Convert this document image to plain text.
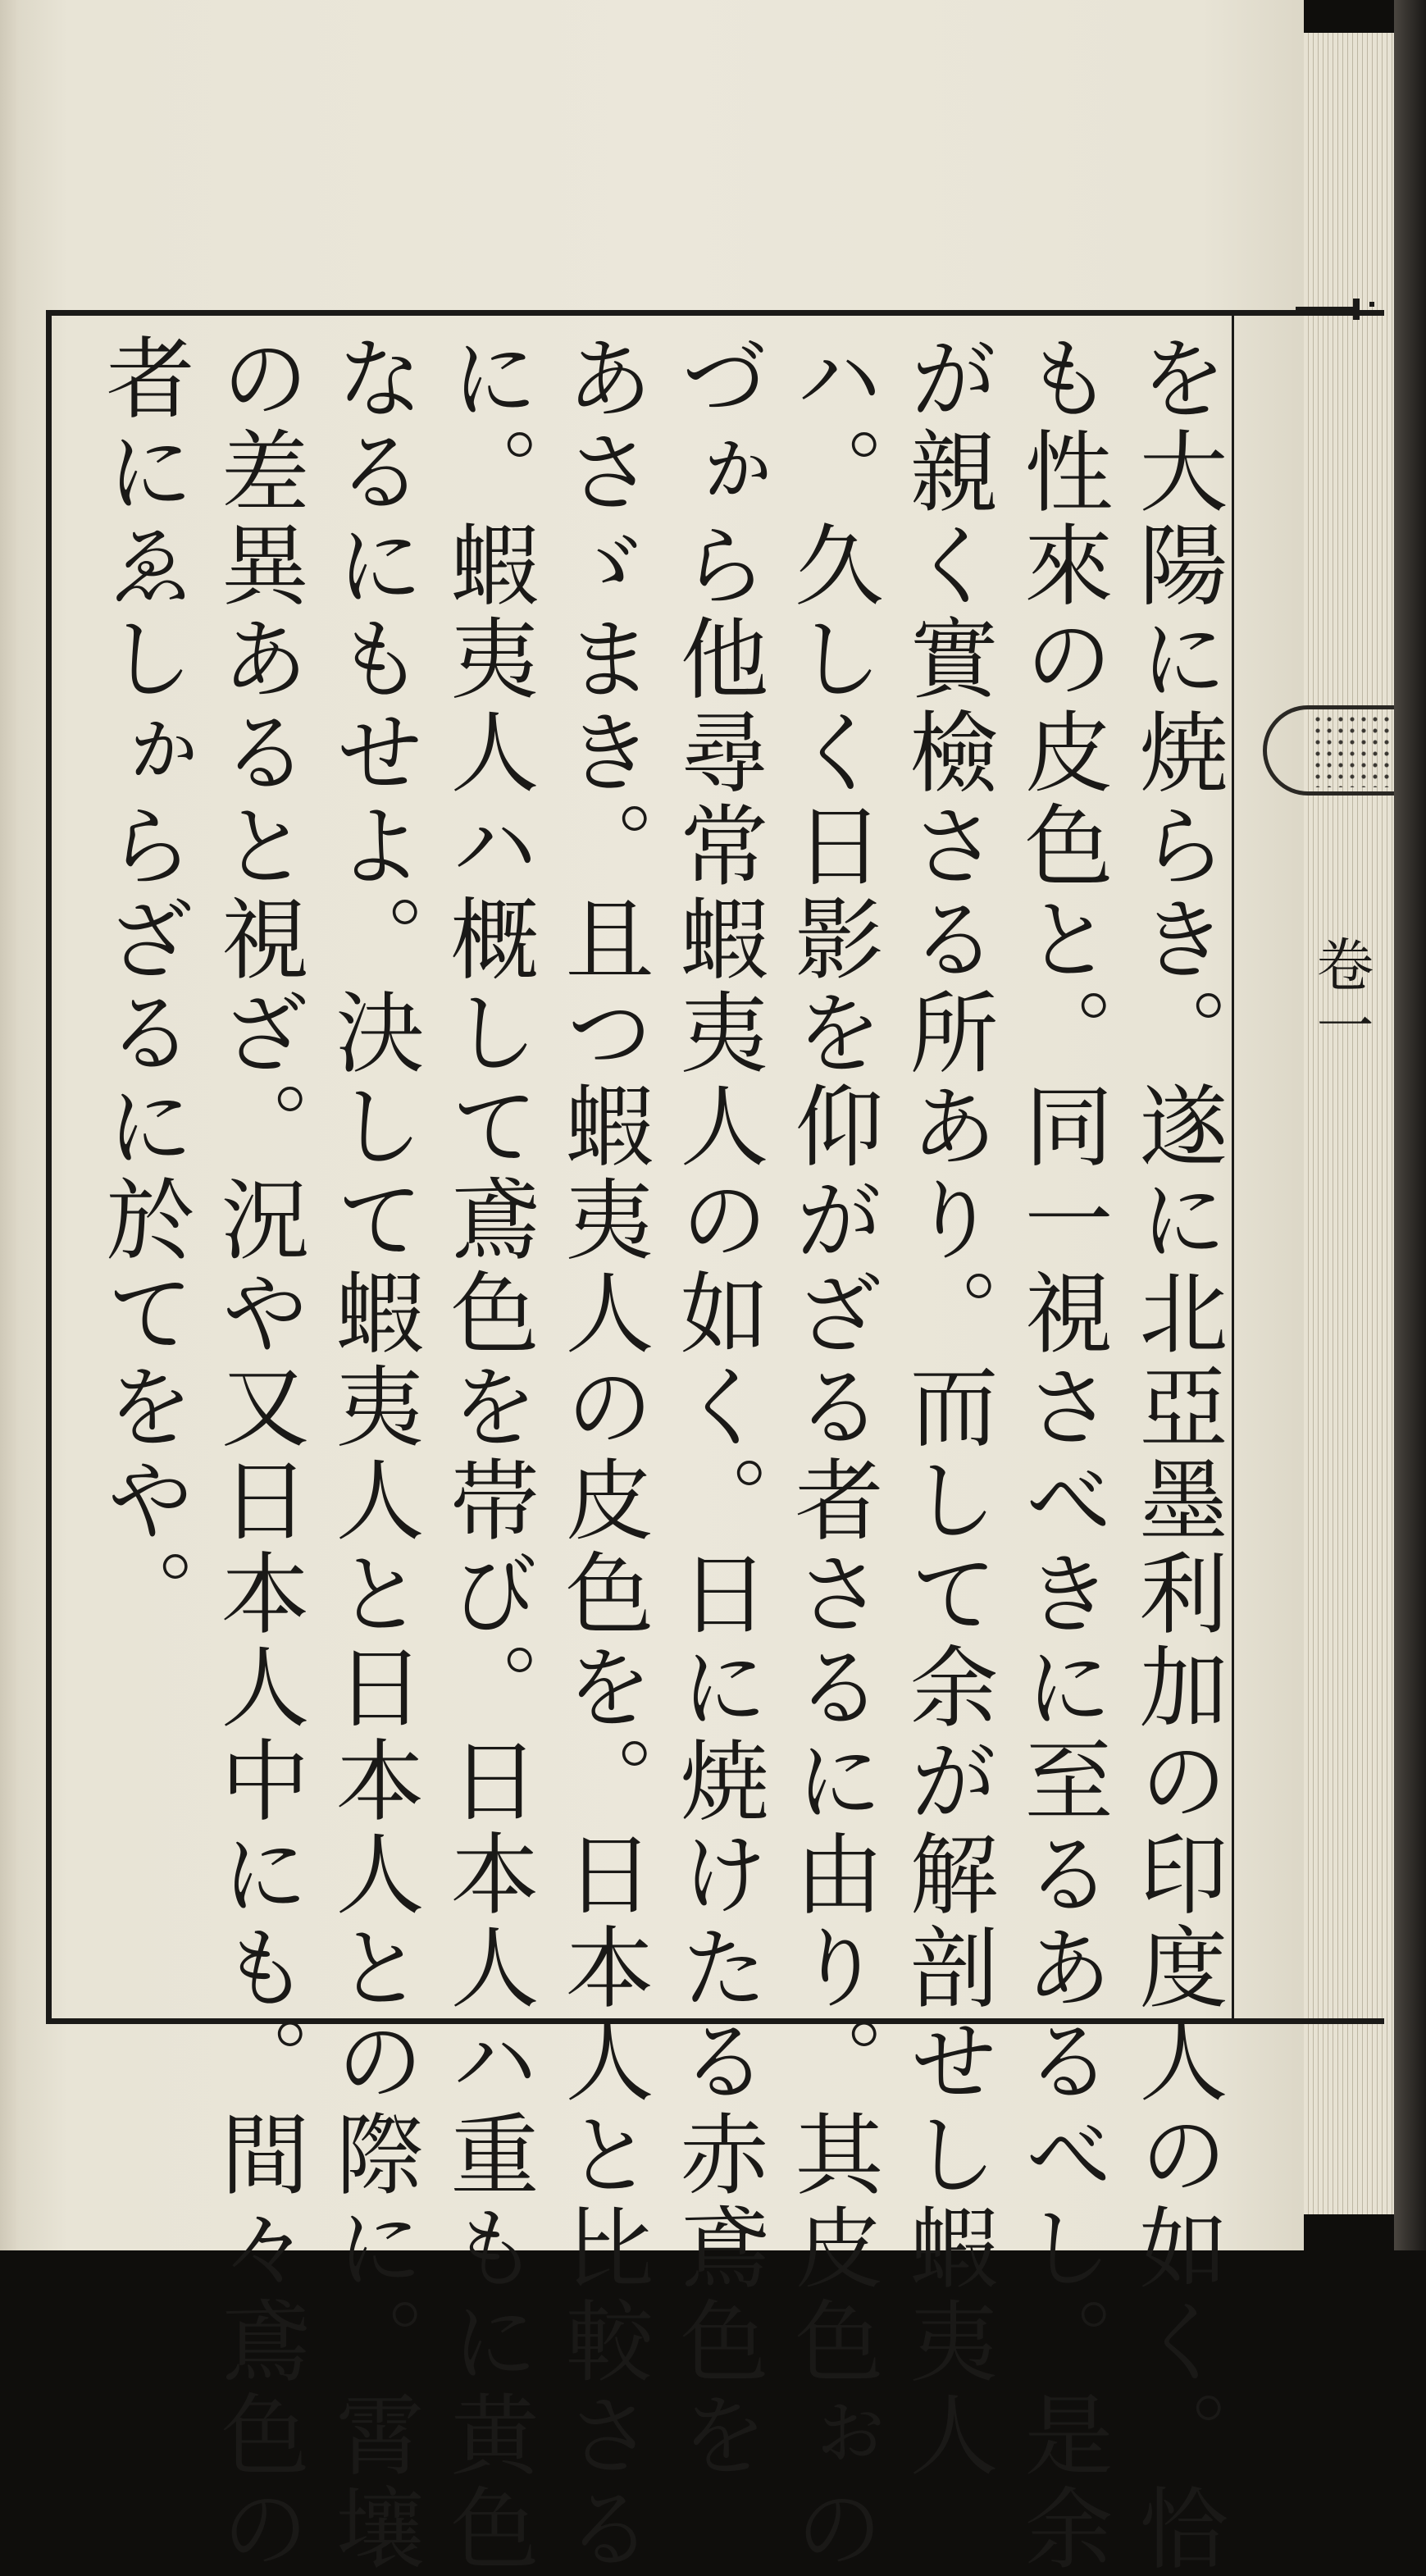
を大陽に焼らき。遂に北亞墨利加の印度人の如く。恰
も性來の皮色と。同一視さべきに至るあるべし。是余
が親く實檢さる所あり。而して余が解剖せし蝦夷人
ハ。久しく日影を仰がざる者さるに由り。其皮色ぉの
づゕら他尋常蝦夷人の如く。日に焼けたる赤鳶色を
あさゞまき。且つ蝦夷人の皮色を。日本人と比較さる
に。蝦夷人ハ概して鳶色を帯び。日本人ハ重もに黄色
なるにもせよ。決して蝦夷人と日本人との際に。霄壤
の差異あると視ざ。況や又日本人中にも。間々鳶色の
者にゑしゕらざるに於てをや。	卷一
